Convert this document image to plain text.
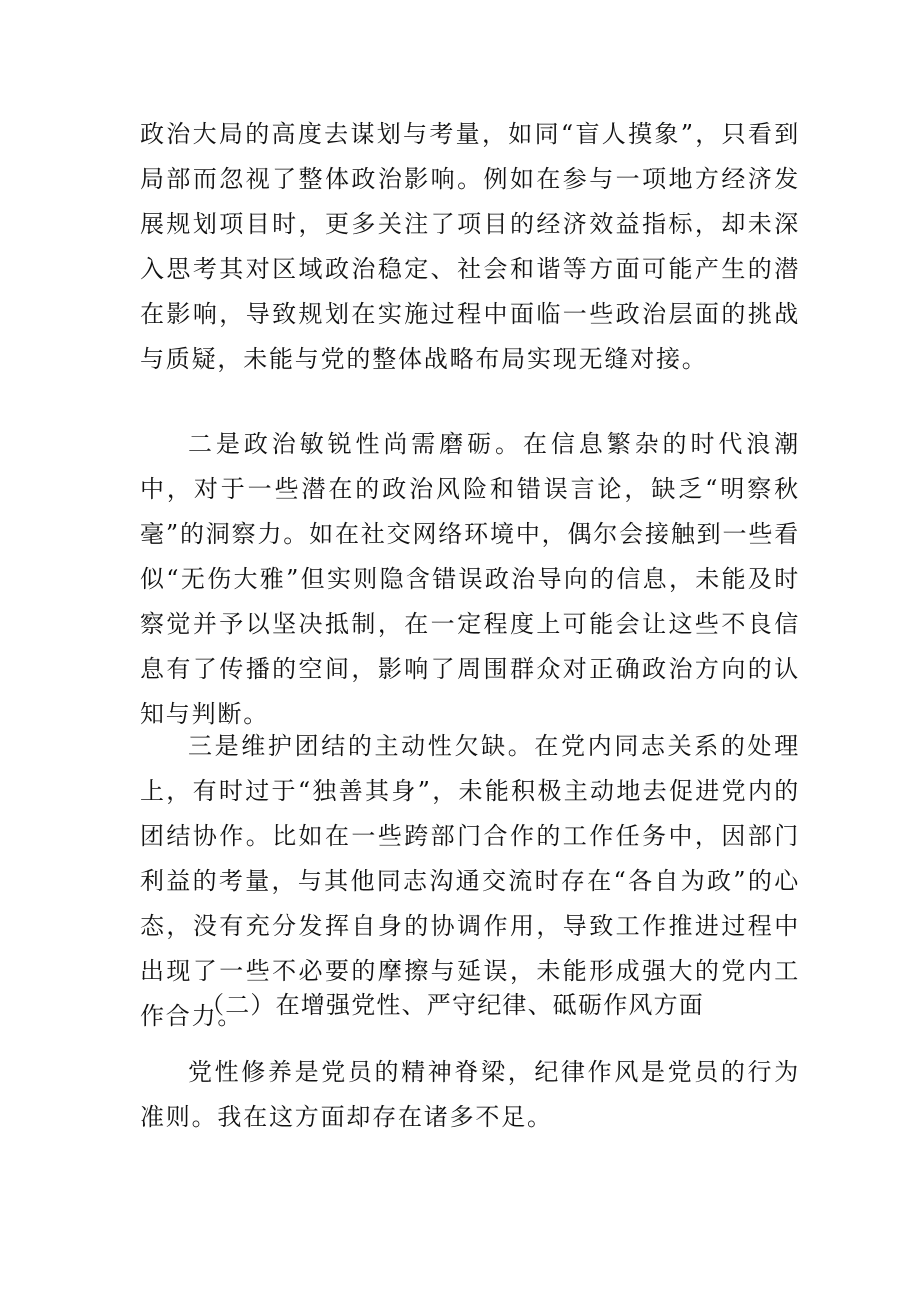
政治大局的高度去谋划与考量，如同“盲人摸象”，只看到局部而忽视了整体政治影响。例如在参与一项地方经济发展规划项目时，更多关注了项目的经济效益指标，却未深入思考其对区域政治稳定、社会和谐等方面可能产生的潜在影响，导致规划在实施过程中面临一些政治层面的挑战与质疑，未能与党的整体战略布局实现无缝对接。

二是政治敏锐性尚需磨砺。在信息繁杂的时代浪潮中，对于一些潜在的政治风险和错误言论，缺乏“明察秋毫”的洞察力。如在社交网络环境中，偶尔会接触到一些看似“无伤大雅”但实则隐含错误政治导向的信息，未能及时察觉并予以坚决抵制，在一定程度上可能会让这些不良信息有了传播的空间，影响了周围群众对正确政治方向的认知与判断。

三是维护团结的主动性欠缺。在党内同志关系的处理上，有时过于“独善其身”，未能积极主动地去促进党内的团结协作。比如在一些跨部门合作的工作任务中，因部门利益的考量，与其他同志沟通交流时存在“各自为政”的心态，没有充分发挥自身的协调作用，导致工作推进过程中出现了一些不必要的摩擦与延误，未能形成强大的党内工作合力。

（二）在增强党性、严守纪律、砥砺作风方面

党性修养是党员的精神脊梁，纪律作风是党员的行为准则。我在这方面却存在诸多不足。
